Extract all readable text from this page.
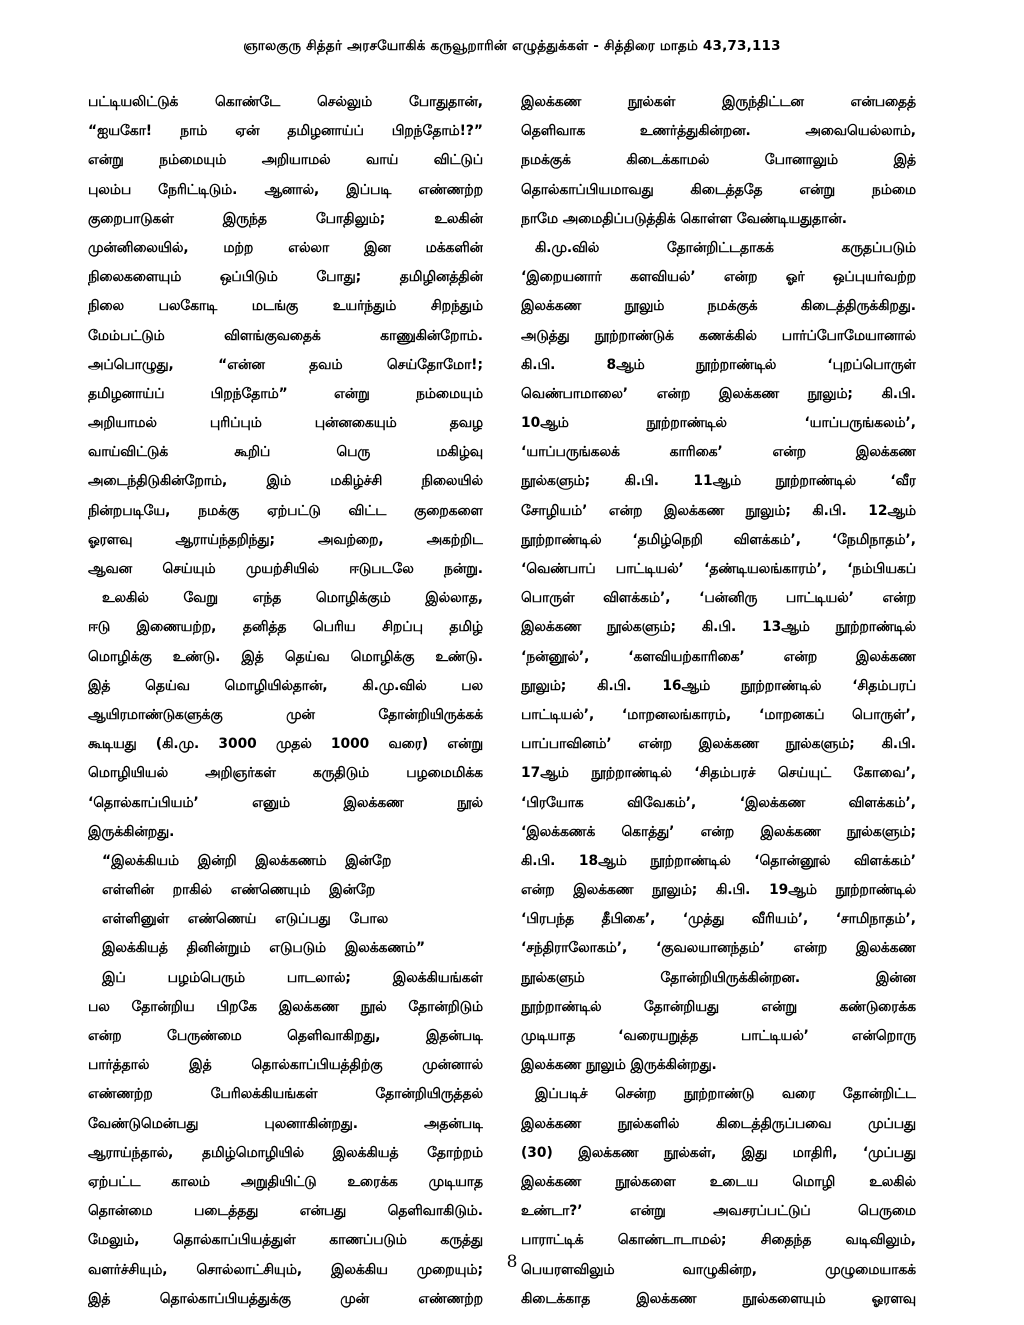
ஞாலகுரு சித்தர் அரசயோகிக் கருவூறாரின் எழுத்துக்கள் - சித்திரை மாதம் 43,73,113
பட்டியலிட்டுக் கொண்டே செல்லும் போதுதான்,
“ஐயகோ! நாம் ஏன் தமிழனாய்ப் பிறந்தோம்!?”
என்று நம்மையும் அறியாமல் வாய் விட்டுப்
புலம்ப நேரிட்டிடும். ஆனால், இப்படி எண்ணற்ற
குறைபாடுகள் இருந்த போதிலும்; உலகின்
முன்னிலையில், மற்ற எல்லா இன மக்களின்
நிலைகளையும் ஒப்பிடும் போது; தமிழினத்தின்
நிலை பலகோடி மடங்கு உயர்ந்தும் சிறந்தும்
மேம்பட்டும் விளங்குவதைக் காணுகின்றோம்.
அப்பொழுது, “என்ன தவம் செய்தோமோ!;
தமிழனாய்ப் பிறந்தோம்” என்று நம்மையும்
அறியாமல் புரிப்பும் புன்னகையும் தவழ
வாய்விட்டுக் கூறிப் பெரு மகிழ்வு
அடைந்திடுகின்றோம், இம் மகிழ்ச்சி நிலையில்
நின்றபடியே, நமக்கு ஏற்பட்டு விட்ட குறைகளை
ஓரளவு ஆராய்ந்தறிந்து; அவற்றை, அகற்றிட
ஆவன செய்யும் முயற்சியில் ஈடுபடலே நன்று.
உலகில் வேறு எந்த மொழிக்கும் இல்லாத,
ஈடு இணையற்ற, தனித்த பெரிய சிறப்பு தமிழ்
மொழிக்கு உண்டு. இத் தெய்வ மொழிக்கு உண்டு.
இத் தெய்வ மொழியில்தான், கி.மு.வில் பல
ஆயிரமாண்டுகளுக்கு முன் தோன்றியிருக்கக்
கூடியது (கி.மு. 3000 முதல் 1000 வரை) என்று
மொழியியல் அறிஞர்கள் கருதிடும் பழமைமிக்க
‘தொல்காப்பியம்’ எனும் இலக்கண நூல்
இருக்கின்றது.
“இலக்கியம் இன்றி இலக்கணம் இன்றே
எள்ளின் றாகில் எண்ணெயும் இன்றே
எள்ளினுள் எண்ணெய் எடுப்பது போல
இலக்கியத் தினின்றும் எடுபடும் இலக்கணம்”
இப் பழம்பெரும் பாடலால்; இலக்கியங்கள்
பல தோன்றிய பிறகே இலக்கண நூல் தோன்றிடும்
என்ற பேருண்மை தெளிவாகிறது, இதன்படி
பார்த்தால் இத் தொல்காப்பியத்திற்கு முன்னால்
எண்ணற்ற பேரிலக்கியங்கள் தோன்றியிருத்தல்
வேண்டுமென்பது புலனாகின்றது. அதன்படி
ஆராய்ந்தால், தமிழ்மொழியில் இலக்கியத் தோற்றம்
ஏற்பட்ட காலம் அறுதியிட்டு உரைக்க முடியாத
தொன்மை படைத்தது என்பது தெளிவாகிடும்.
மேலும், தொல்காப்பியத்துள் காணப்படும் கருத்து
வளர்ச்சியும், சொல்லாட்சியும், இலக்கிய முறையும்;
இத் தொல்காப்பியத்துக்கு முன் எண்ணற்ற
இலக்கண நூல்கள் இருந்திட்டன என்பதைத்
தெளிவாக உணர்த்துகின்றன. அவையெல்லாம்,
நமக்குக் கிடைக்காமல் போனாலும் இத்
தொல்காப்பியமாவது கிடைத்ததே என்று நம்மை
நாமே அமைதிப்படுத்திக் கொள்ள வேண்டியதுதான்.
கி.மு.வில் தோன்றிட்டதாகக் கருதப்படும்
‘இறையனார் களவியல்’ என்ற ஓர் ஒப்புயர்வற்ற
இலக்கண நூலும் நமக்குக் கிடைத்திருக்கிறது.
அடுத்து நூற்றாண்டுக் கணக்கில் பார்ப்போமேயானால்
கி.பி. 8ஆம் நூற்றாண்டில் ‘புறப்பொருள்
வெண்பாமாலை’ என்ற இலக்கண நூலும்; கி.பி.
10ஆம் நூற்றாண்டில் ‘யாப்பருங்கலம்’,
‘யாப்பருங்கலக் காரிகை’ என்ற இலக்கண
நூல்களும்; கி.பி. 11ஆம் நூற்றாண்டில் ‘வீர
சோழியம்’ என்ற இலக்கண நூலும்; கி.பி. 12ஆம்
நூற்றாண்டில் ‘தமிழ்நெறி விளக்கம்’, ‘நேமிநாதம்’,
‘வெண்பாப் பாட்டியல்’ ‘தண்டியலங்காரம்’, ‘நம்பியகப்
பொருள் விளக்கம்’, ‘பன்னிரு பாட்டியல்’ என்ற
இலக்கண நூல்களும்; கி.பி. 13ஆம் நூற்றாண்டில்
‘நன்னூல்’, ‘களவியற்காரிகை’ என்ற இலக்கண
நூலும்; கி.பி. 16ஆம் நூற்றாண்டில் ‘சிதம்பரப்
பாட்டியல்’, ‘மாறனலங்காரம், ‘மாறனகப் பொருள்’,
பாப்பாவினம்’ என்ற இலக்கண நூல்களும்; கி.பி.
17ஆம் நூற்றாண்டில் ‘சிதம்பரச் செய்யுட் கோவை’,
‘பிரயோக விவேகம்’, ‘இலக்கண விளக்கம்’,
‘இலக்கணக் கொத்து’ என்ற இலக்கண நூல்களும்;
கி.பி. 18ஆம் நூற்றாண்டில் ‘தொன்னூல் விளக்கம்’
என்ற இலக்கண நூலும்; கி.பி. 19ஆம் நூற்றாண்டில்
‘பிரபந்த தீபிகை’, ‘முத்து வீரியம்’, ‘சாமிநாதம்’,
‘சந்திராலோகம்’, ‘குவலயானந்தம்’ என்ற இலக்கண
நூல்களும் தோன்றியிருக்கின்றன. இன்ன
நூற்றாண்டில் தோன்றியது என்று கண்டுரைக்க
முடியாத ‘வரையறுத்த பாட்டியல்’ என்றொரு
இலக்கண நூலும் இருக்கின்றது.
இப்படிச் சென்ற நூற்றாண்டு வரை தோன்றிட்ட
இலக்கண நூல்களில் கிடைத்திருப்பவை முப்பது
(30) இலக்கண நூல்கள், இது மாதிரி, ‘முப்பது
இலக்கண நூல்களை உடைய மொழி உலகில்
உண்டா?’ என்று அவசரப்பட்டுப் பெருமை
பாராட்டிக் கொண்டாடாமல்; சிதைந்த வடிவிலும்,
பெயரளவிலும் வாழுகின்ற, முழுமையாகக்
கிடைக்காத இலக்கண நூல்களையும் ஓரளவு
8
